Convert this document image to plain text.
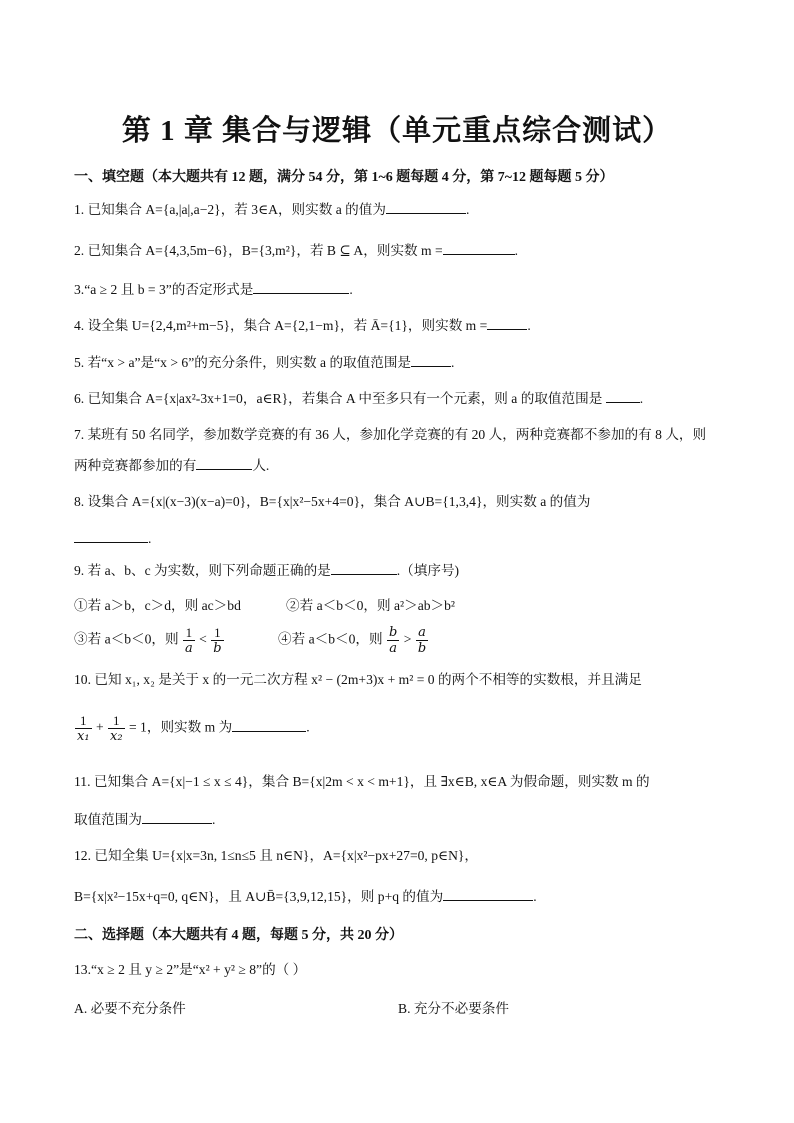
第 1 章 集合与逻辑（单元重点综合测试）
一、填空题（本大题共有 12 题，满分 54 分，第 1~6 题每题 4 分，第 7~12 题每题 5 分）
1. 已知集合 A={a,|a|,a−2}，若 3∈A，则实数 a 的值为	.
2. 已知集合 A={4,3,5m−6}，B={3,m²}，若 B ⊆ A，则实数 m =	.
3.“a ≥ 2 且 b = 3”的否定形式是	.
4. 设全集 U={2,4,m²+m−5}，集合 A={2,1−m}，若 Ā={1}，则实数 m =	.
5. 若“x > a”是“x > 6”的充分条件，则实数 a 的取值范围是	.
6. 已知集合 A={x|ax²-3x+1=0，a∈R}，若集合 A 中至多只有一个元素，则 a 的取值范围是	.
7. 某班有 50 名同学，参加数学竞赛的有 36 人，参加化学竞赛的有 20 人，两种竞赛都不参加的有 8 人，则
两种竞赛都参加的有	人.
8. 设集合 A={x|(x−3)(x−a)=0}，B={x|x²−5x+4=0}，集合 A∪B={1,3,4}，则实数 a 的值为
.
9. 若 a、b、c 为实数，则下列命题正确的是	.（填序号)
①若 a＞b，c＞d，则 ac＞bd	②若 a＜b＜0，则 a²＞ab＞b²
③若 a＜b＜0，则 $\frac{1}{a} < \frac{1}{b}$	④若 a＜b＜0，则 $\frac{b}{a} > \frac{a}{b}$
10. 已知 x₁, x₂ 是关于 x 的一元二次方程 x² − (2m+3)x + m² = 0 的两个不相等的实数根，并且满足
$\frac{1}{\text{x₁}} + \frac{1}{\text{x₂}} = 1$，则实数 m 为	.
11. 已知集合 A={x|−1 ≤ x ≤ 4}，集合 B={x|2m < x < m+1}，且 ∃x∈B, x∈A 为假命题，则实数 m 的
取值范围为	.
12. 已知全集 U={x|x=3n, 1≤n≤5 且 n∈N}，A={x|x²−px+27=0, p∈N}，
B={x|x²−15x+q=0, q∈N}，且 A∪B̄={3,9,12,15}，则 p+q 的值为	.
二、选择题（本大题共有 4 题，每题 5 分，共 20 分）
13.“x ≥ 2 且 y ≥ 2”是“x² + y² ≥ 8”的（ ）
A. 必要不充分条件	B. 充分不必要条件
